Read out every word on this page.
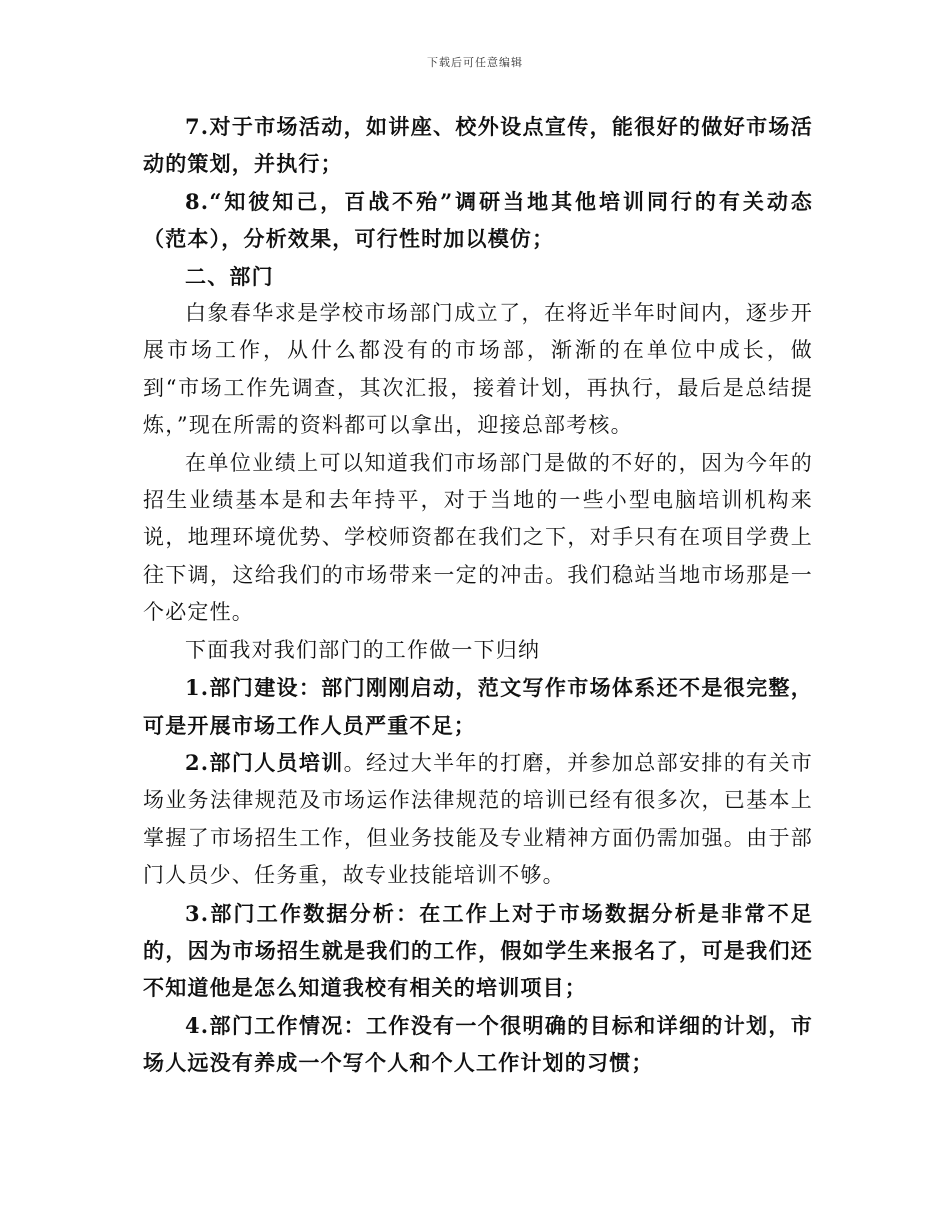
下载后可任意编辑

7.对于市场活动，如讲座、校外设点宣传，能很好的做好市场活动的策划，并执行；

8.“知彼知己，百战不殆”调研当地其他培训同行的有关动态（范本），分析效果，可行性时加以模仿；

二、部门

白象春华求是学校市场部门成立了，在将近半年时间内，逐步开展市场工作，从什么都没有的市场部，渐渐的在单位中成长，做到“市场工作先调查，其次汇报，接着计划，再执行，最后是总结提炼，”现在所需的资料都可以拿出，迎接总部考核。

在单位业绩上可以知道我们市场部门是做的不好的，因为今年的招生业绩基本是和去年持平，对于当地的一些小型电脑培训机构来说，地理环境优势、学校师资都在我们之下，对手只有在项目学费上往下调，这给我们的市场带来一定的冲击。我们稳站当地市场那是一个必定性。

下面我对我们部门的工作做一下归纳

1.部门建设：部门刚刚启动，范文写作市场体系还不是很完整，可是开展市场工作人员严重不足；

2.部门人员培训。经过大半年的打磨，并参加总部安排的有关市场业务法律规范及市场运作法律规范的培训已经有很多次，已基本上掌握了市场招生工作，但业务技能及专业精神方面仍需加强。由于部门人员少、任务重，故专业技能培训不够。

3.部门工作数据分析：在工作上对于市场数据分析是非常不足的，因为市场招生就是我们的工作，假如学生来报名了，可是我们还不知道他是怎么知道我校有相关的培训项目；

4.部门工作情况：工作没有一个很明确的目标和详细的计划，市场人远没有养成一个写个人和个人工作计划的习惯；
